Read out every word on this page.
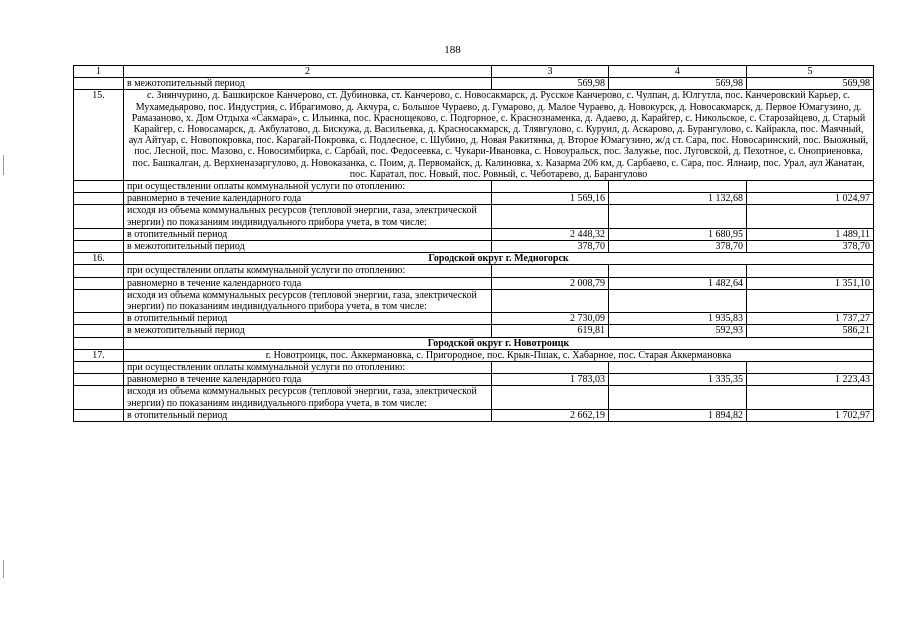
188
1	2	3	4	5
	в межотопительный период	569,98	569,98	569,98
15.	с. Зиянчурино, д. Башкирское Канчерово, ст. Дубиновка, ст. Канчерово, с. Новосакмарск, д. Русское Канчерово, с. Чулпан, д. Юлгутла, пос. Канчеровский Карьер, с. Мухамедьярово, пос. Индустрия, с. Ибрагимово, д. Акчура, с. Большое Чураево, д. Гумарово, д. Малое Чураево, д. Новокурск, д. Новосакмарск, д. Первое Юмагузино, д. Рамазаново, х. Дом Отдыха «Сакмара», с. Ильинка, пос. Краснощеково, с. Подгорное, с. Краснознаменка, д. Адаево, д. Карайгер, с. Никольское, с. Старозайцево, д. Старый Карайгер, с. Новосамарск, д. Акбулатово, д. Бискужа, д. Васильевка, д. Красносакмарск, д. Тлявгулово, с. Куруил, д. Аскарово, д. Бурангулово, с. Кайракла, пос. Маячный, аул Айтуар, с. Новопокровка, пос. Карагай-Покровка, с. Подлесное, с. Шубино, д. Новая Ракитянка, д. Второе Юмагузино, ж/д ст. Сара, пос. Новосаринский, пос. Выожный, пос. Лесной, пос. Мазово, с. Новосимбирка, с. Сарбай, пос. Федосеевка, с. Чукари-Ивановка, с. Новоуральск, пос. Залужье, пос. Луговской, д. Пехотное, с. Оноприеновка, пос. Башкалган, д. Верхненазаргулово, д. Новоказанка, с. Поим, д. Первомайск, д. Калиновка, х. Казарма 206 км, д. Сарбаево, с. Сара, пос. Ялнаир, пос. Урал, аул Жанатан, пос. Каратал, пос. Новый, пос. Ровный, с. Чеботарево, д. Барангулово			
	при осуществлении оплаты коммунальной услуги по отоплению:			
	равномерно в течение календарного года	1 569,16	1 132,68	1 024,97
	исходя из объема коммунальных ресурсов (тепловой энергии, газа, электрической энергии) по показаниям индивидуального прибора учета, в том числе:			
	в отопительный период	2 448,32	1 680,95	1 489,11
	в межотопительный период	378,70	378,70	378,70
16.	Городской округ г. Медногорск			
	при осуществлении оплаты коммунальной услуги по отоплению:			
	равномерно в течение календарного года	2 008,79	1 482,64	1 351,10
	исходя из объема коммунальных ресурсов (тепловой энергии, газа, электрической энергии) по показаниям индивидуального прибора учета, в том числе:			
	в отопительный период	2 730,09	1 935,83	1 737,27
	в межотопительный период	619,81	592,93	586,21
	Городской округ г. Новотроицк			
17.	г. Новотроицк, пос. Аккермановка, с. Пригородное, пос. Крык-Пшак, с. Хабарное, пос. Старая Аккермановка			
	при осуществлении оплаты коммунальной услуги по отоплению:			
	равномерно в течение календарного года	1 783,03	1 335,35	1 223,43
	исходя из объема коммунальных ресурсов (тепловой энергии, газа, электрической энергии) по показаниям индивидуального прибора учета, в том числе:			
	в отопительный период	2 662,19	1 894,82	1 702,97
